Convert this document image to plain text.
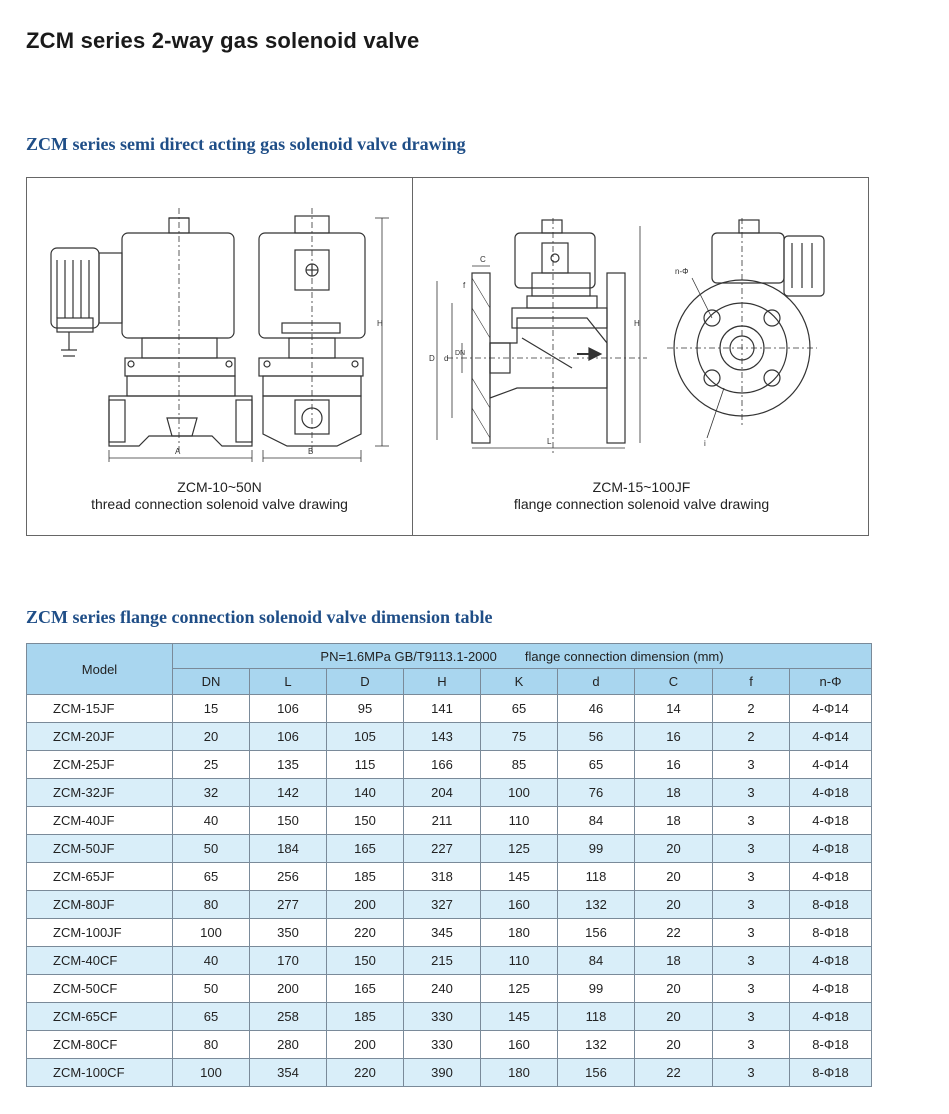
ZCM series 2-way gas solenoid valve
ZCM series semi direct acting gas solenoid valve drawing
A	B
H
C
f
D d
DN
L
H
n-Φ
i
ZCM-10~50N
thread connection solenoid valve drawing
ZCM-15~100JF
flange connection solenoid valve drawing
ZCM series flange connection solenoid valve dimension table
Model	PN=1.6MPa GB/T9113.1-2000 flange connection dimension (mm)								
	DN	L	D	H	K	d	C	f	n-Φ
ZCM-15JF	15	106	95	141	65	46	14	2	4-Φ14
ZCM-20JF	20	106	105	143	75	56	16	2	4-Φ14
ZCM-25JF	25	135	115	166	85	65	16	3	4-Φ14
ZCM-32JF	32	142	140	204	100	76	18	3	4-Φ18
ZCM-40JF	40	150	150	211	110	84	18	3	4-Φ18
ZCM-50JF	50	184	165	227	125	99	20	3	4-Φ18
ZCM-65JF	65	256	185	318	145	118	20	3	4-Φ18
ZCM-80JF	80	277	200	327	160	132	20	3	8-Φ18
ZCM-100JF	100	350	220	345	180	156	22	3	8-Φ18
ZCM-40CF	40	170	150	215	110	84	18	3	4-Φ18
ZCM-50CF	50	200	165	240	125	99	20	3	4-Φ18
ZCM-65CF	65	258	185	330	145	118	20	3	4-Φ18
ZCM-80CF	80	280	200	330	160	132	20	3	8-Φ18
ZCM-100CF	100	354	220	390	180	156	22	3	8-Φ18
